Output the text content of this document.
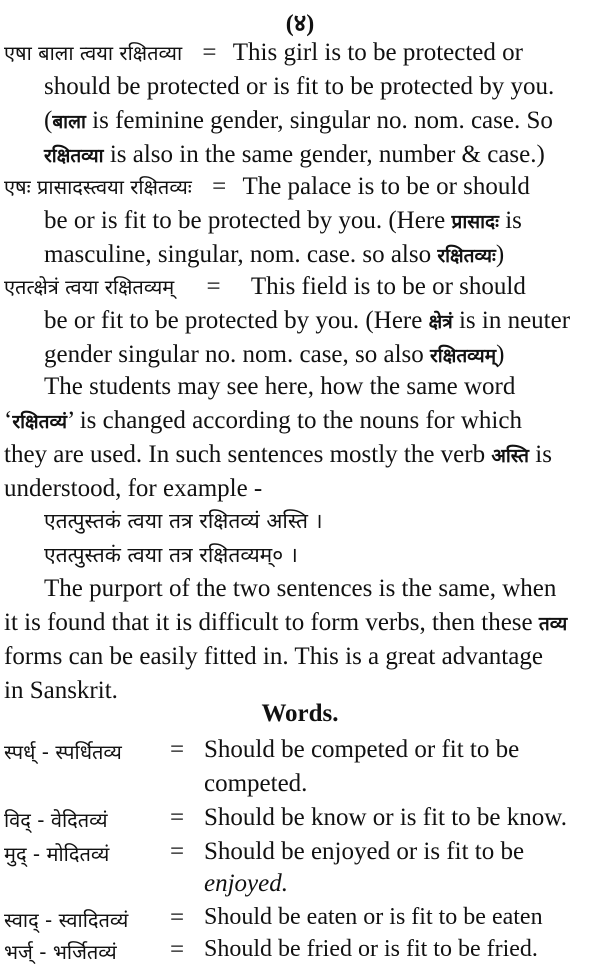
(४)
एषा बाला त्वया रक्षितव्या = This girl is to be protected or
should be protected or is fit to be protected by you.
(बाला is feminine gender, singular no. nom. case. So
रक्षितव्या is also in the same gender, number & case.)
एषः प्रासादस्त्वया रक्षितव्यः = The palace is to be or should
be or is fit to be protected by you. (Here प्रासादः is
masculine, singular, nom. case. so also रक्षितव्यः)
एतत्क्षेत्रं त्वया रक्षितव्यम् = This field is to be or should
be or fit to be protected by you. (Here क्षेत्रं is in neuter
gender singular no. nom. case, so also रक्षितव्यम्)
The students may see here, how the same word
‘रक्षितव्यं’ is changed according to the nouns for which
they are used. In such sentences mostly the verb अस्ति is
understood, for example -
एतत्पुस्तकं त्वया तत्र रक्षितव्यं अस्ति ।
एतत्पुस्तकं त्वया तत्र रक्षितव्यम्० ।
The purport of the two sentences is the same, when
it is found that it is difficult to form verbs, then these तव्य
forms can be easily fitted in. This is a great advantage
in Sanskrit.
Words.
स्पर्ध् - स्पर्धितव्य = Should be competed or fit to be
competed.
विद् - वेदितव्यं = Should be know or is fit to be know.
मुद् - मोदितव्यं = Should be enjoyed or is fit to be
enjoyed.
स्वाद् - स्वादितव्यं = Should be eaten or is fit to be eaten
भर्ज् - भर्जितव्यं = Should be fried or is fit to be fried.
